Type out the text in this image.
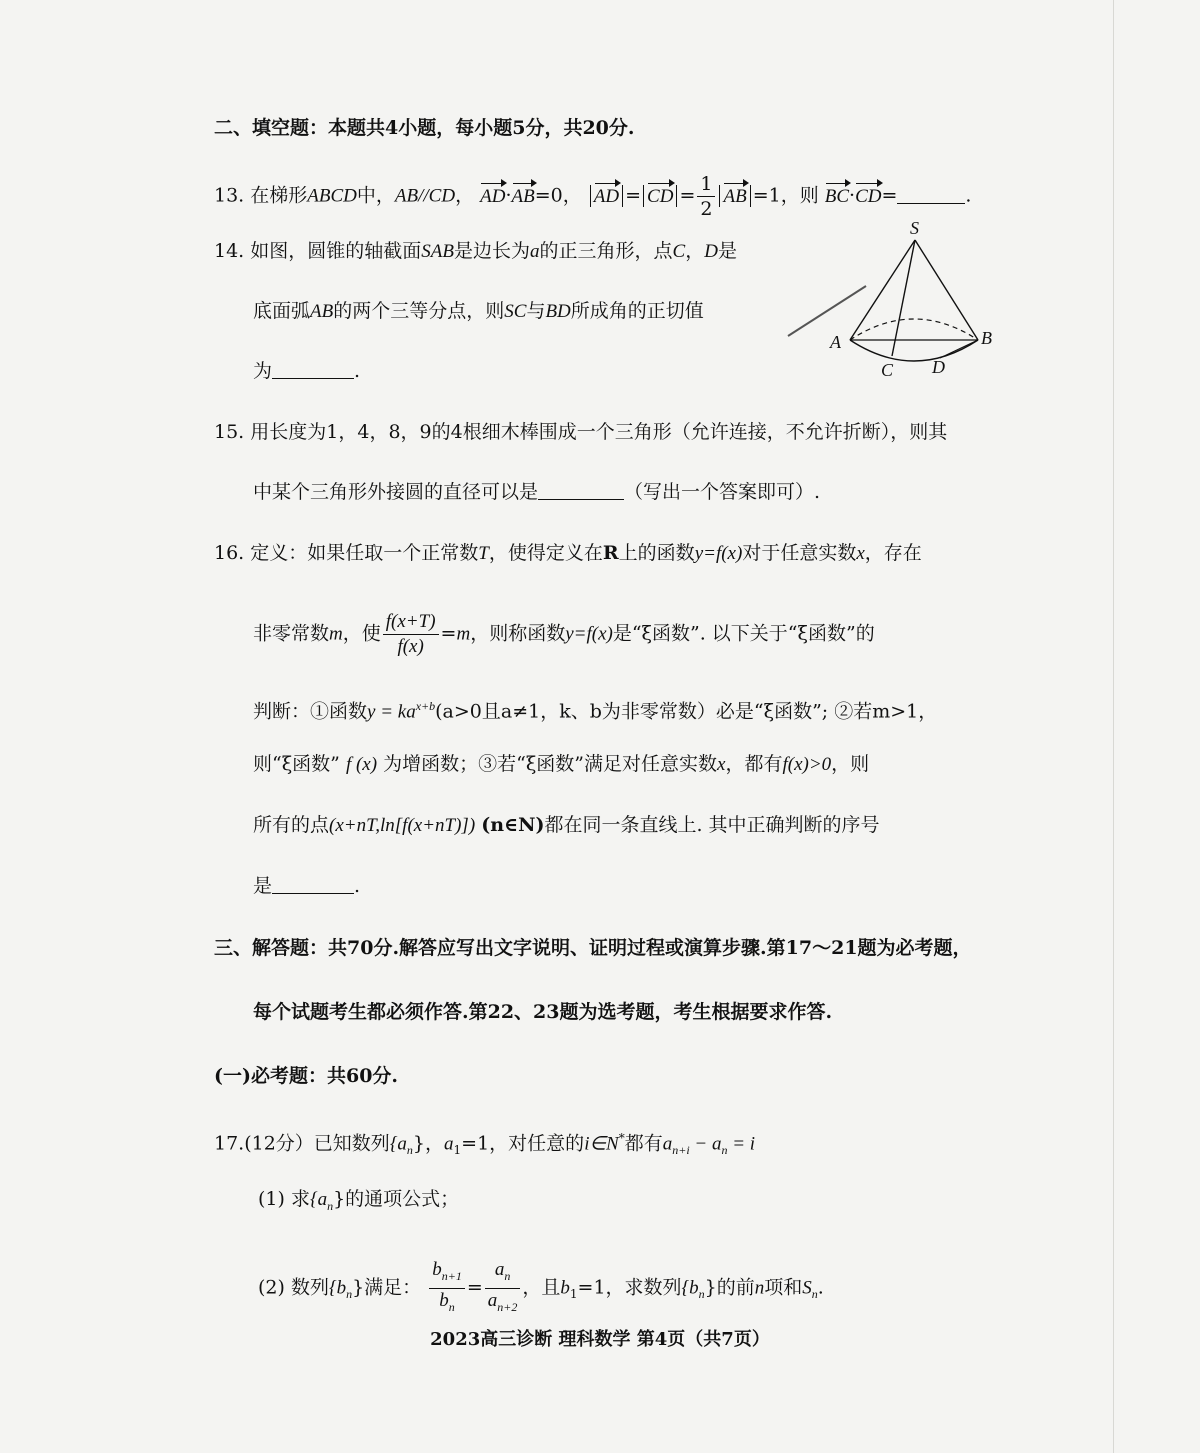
二、填空题：本题共4小题，每小题5分，共20分.
13. 在梯形ABCD中，AB//CD， AD·AB=0， AD = CD = $\frac{1}{2}$ AB =1，则 BC·CD=	.
14. 如图，圆锥的轴截面SAB是边长为a的正三角形，点C，D是
底面弧AB的两个三等分点，则SC与BD所成角的正切值
为	.
S
A	B
C D
15. 用长度为1，4，8，9的4根细木棒围成一个三角形（允许连接，不允许折断），则其
中某个三角形外接圆的直径可以是	（写出一个答案即可）.
16. 定义：如果任取一个正常数T，使得定义在R上的函数y=f(x)对于任意实数x，存在
非零常数m，使 $\frac{f(x+T)}{f(x)} =m$，则称函数y=f(x)是“ξ函数”. 以下关于“ξ函数”的
判断：①函数$y = ka^{x+b}(a>0$且a≠1，k、b为非零常数）必是“ξ函数”; ②若m>1，
则“ξ函数” f (x) 为增函数；③若“ξ函数”满足对任意实数x，都有f(x)>0，则
所有的点(x+nT,ln[f(x+nT)]) (n∈N)都在同一条直线上. 其中正确判断的序号
是	.
三、解答题：共70分.解答应写出文字说明、证明过程或演算步骤.第17～21题为必考题，
每个试题考生都必须作答.第22、23题为选考题，考生根据要求作答.
(一)必考题：共60分.
17.(12分）已知数列$\{a_n\}$，$a_1=1$，对任意的i∈N*都有$a_{n+i} - a_n = i$
(1) 求$\{a_n\}$的通项公式；
(2) 数列$\{b_n\}$满足： $\frac{b_{n+1}}{b_n} = \frac{a_n}{a_{n+2}}$ ，且$b_1=1$，求数列$\{b_n\}$的前n项和$S_n$.
2023高三诊断 理科数学 第4页（共7页）
